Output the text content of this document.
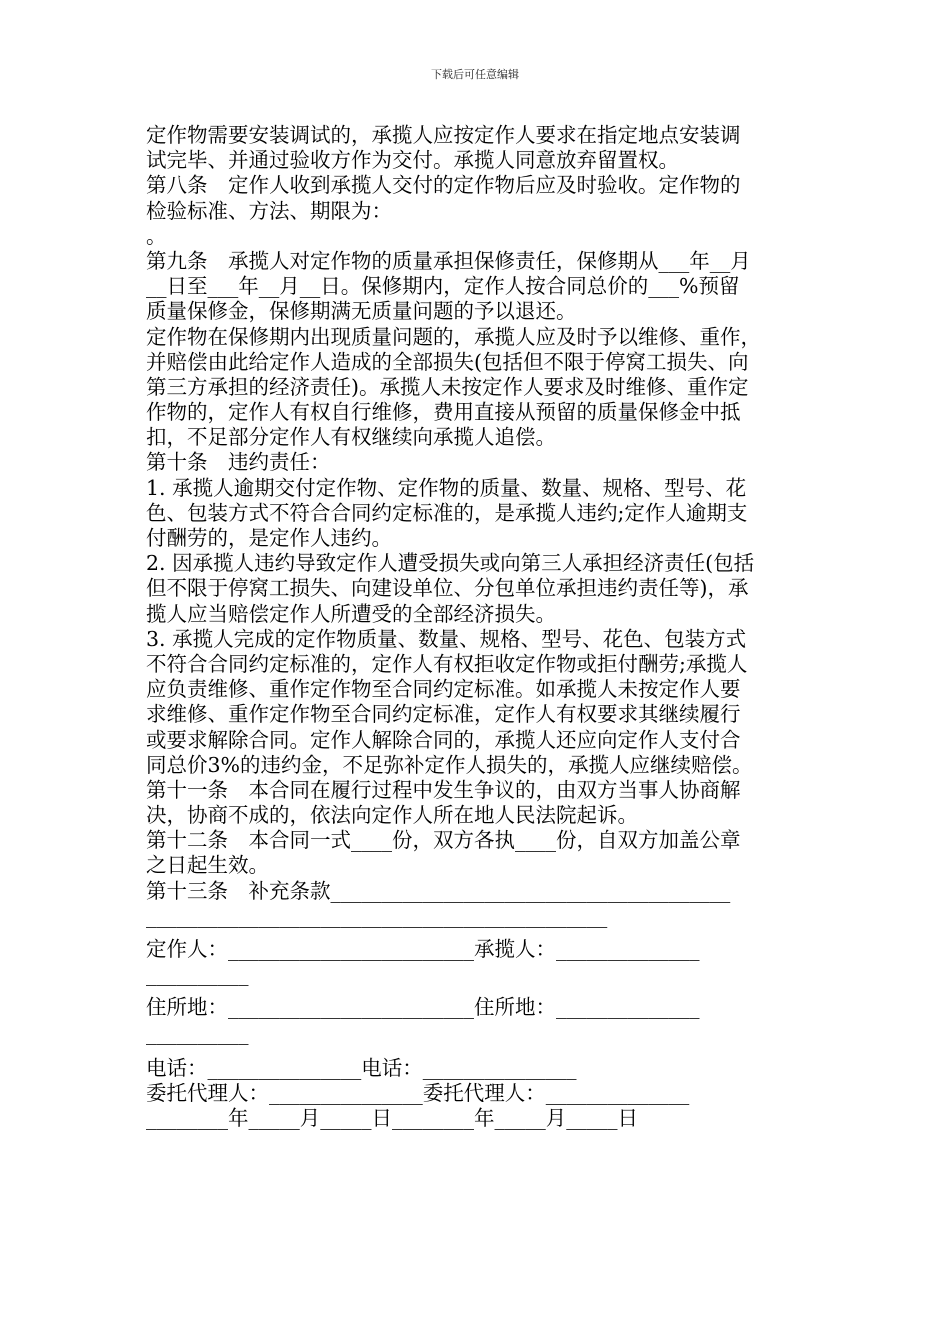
下载后可任意编辑
定作物需要安装调试的，承揽人应按定作人要求在指定地点安装调
试完毕、并通过验收方作为交付。承揽人同意放弃留置权。
第八条　定作人收到承揽人交付的定作物后应及时验收。定作物的
检验标准、方法、期限为：
。
第九条　承揽人对定作物的质量承担保修责任，保修期从___年__月
__日至___年__月__日。保修期内，定作人按合同总价的___%预留
质量保修金，保修期满无质量问题的予以退还。
定作物在保修期内出现质量问题的，承揽人应及时予以维修、重作，
并赔偿由此给定作人造成的全部损失(包括但不限于停窝工损失、向
第三方承担的经济责任)。承揽人未按定作人要求及时维修、重作定
作物的，定作人有权自行维修，费用直接从预留的质量保修金中抵
扣，不足部分定作人有权继续向承揽人追偿。
第十条　违约责任：
1. 承揽人逾期交付定作物、定作物的质量、数量、规格、型号、花
色、包装方式不符合合同约定标准的，是承揽人违约;定作人逾期支
付酬劳的，是定作人违约。
2. 因承揽人违约导致定作人遭受损失或向第三人承担经济责任(包括
但不限于停窝工损失、向建设单位、分包单位承担违约责任等)，承
揽人应当赔偿定作人所遭受的全部经济损失。
3. 承揽人完成的定作物质量、数量、规格、型号、花色、包装方式
不符合合同约定标准的，定作人有权拒收定作物或拒付酬劳;承揽人
应负责维修、重作定作物至合同约定标准。如承揽人未按定作人要
求维修、重作定作物至合同约定标准，定作人有权要求其继续履行
或要求解除合同。定作人解除合同的，承揽人还应向定作人支付合
同总价3%的违约金，不足弥补定作人损失的，承揽人应继续赔偿。
第十一条　本合同在履行过程中发生争议的，由双方当事人协商解
决，协商不成的，依法向定作人所在地人民法院起诉。
第十二条　本合同一式____份，双方各执____份，自双方加盖公章
之日起生效。
第十三条　补充条款_______________________________________
_____________________________________________
定作人：________________________承揽人：______________
__________
住所地：________________________住所地：______________
__________
电话：_______________电话：_______________
委托代理人：_______________委托代理人：______________
________年_____月_____日________年_____月_____日
